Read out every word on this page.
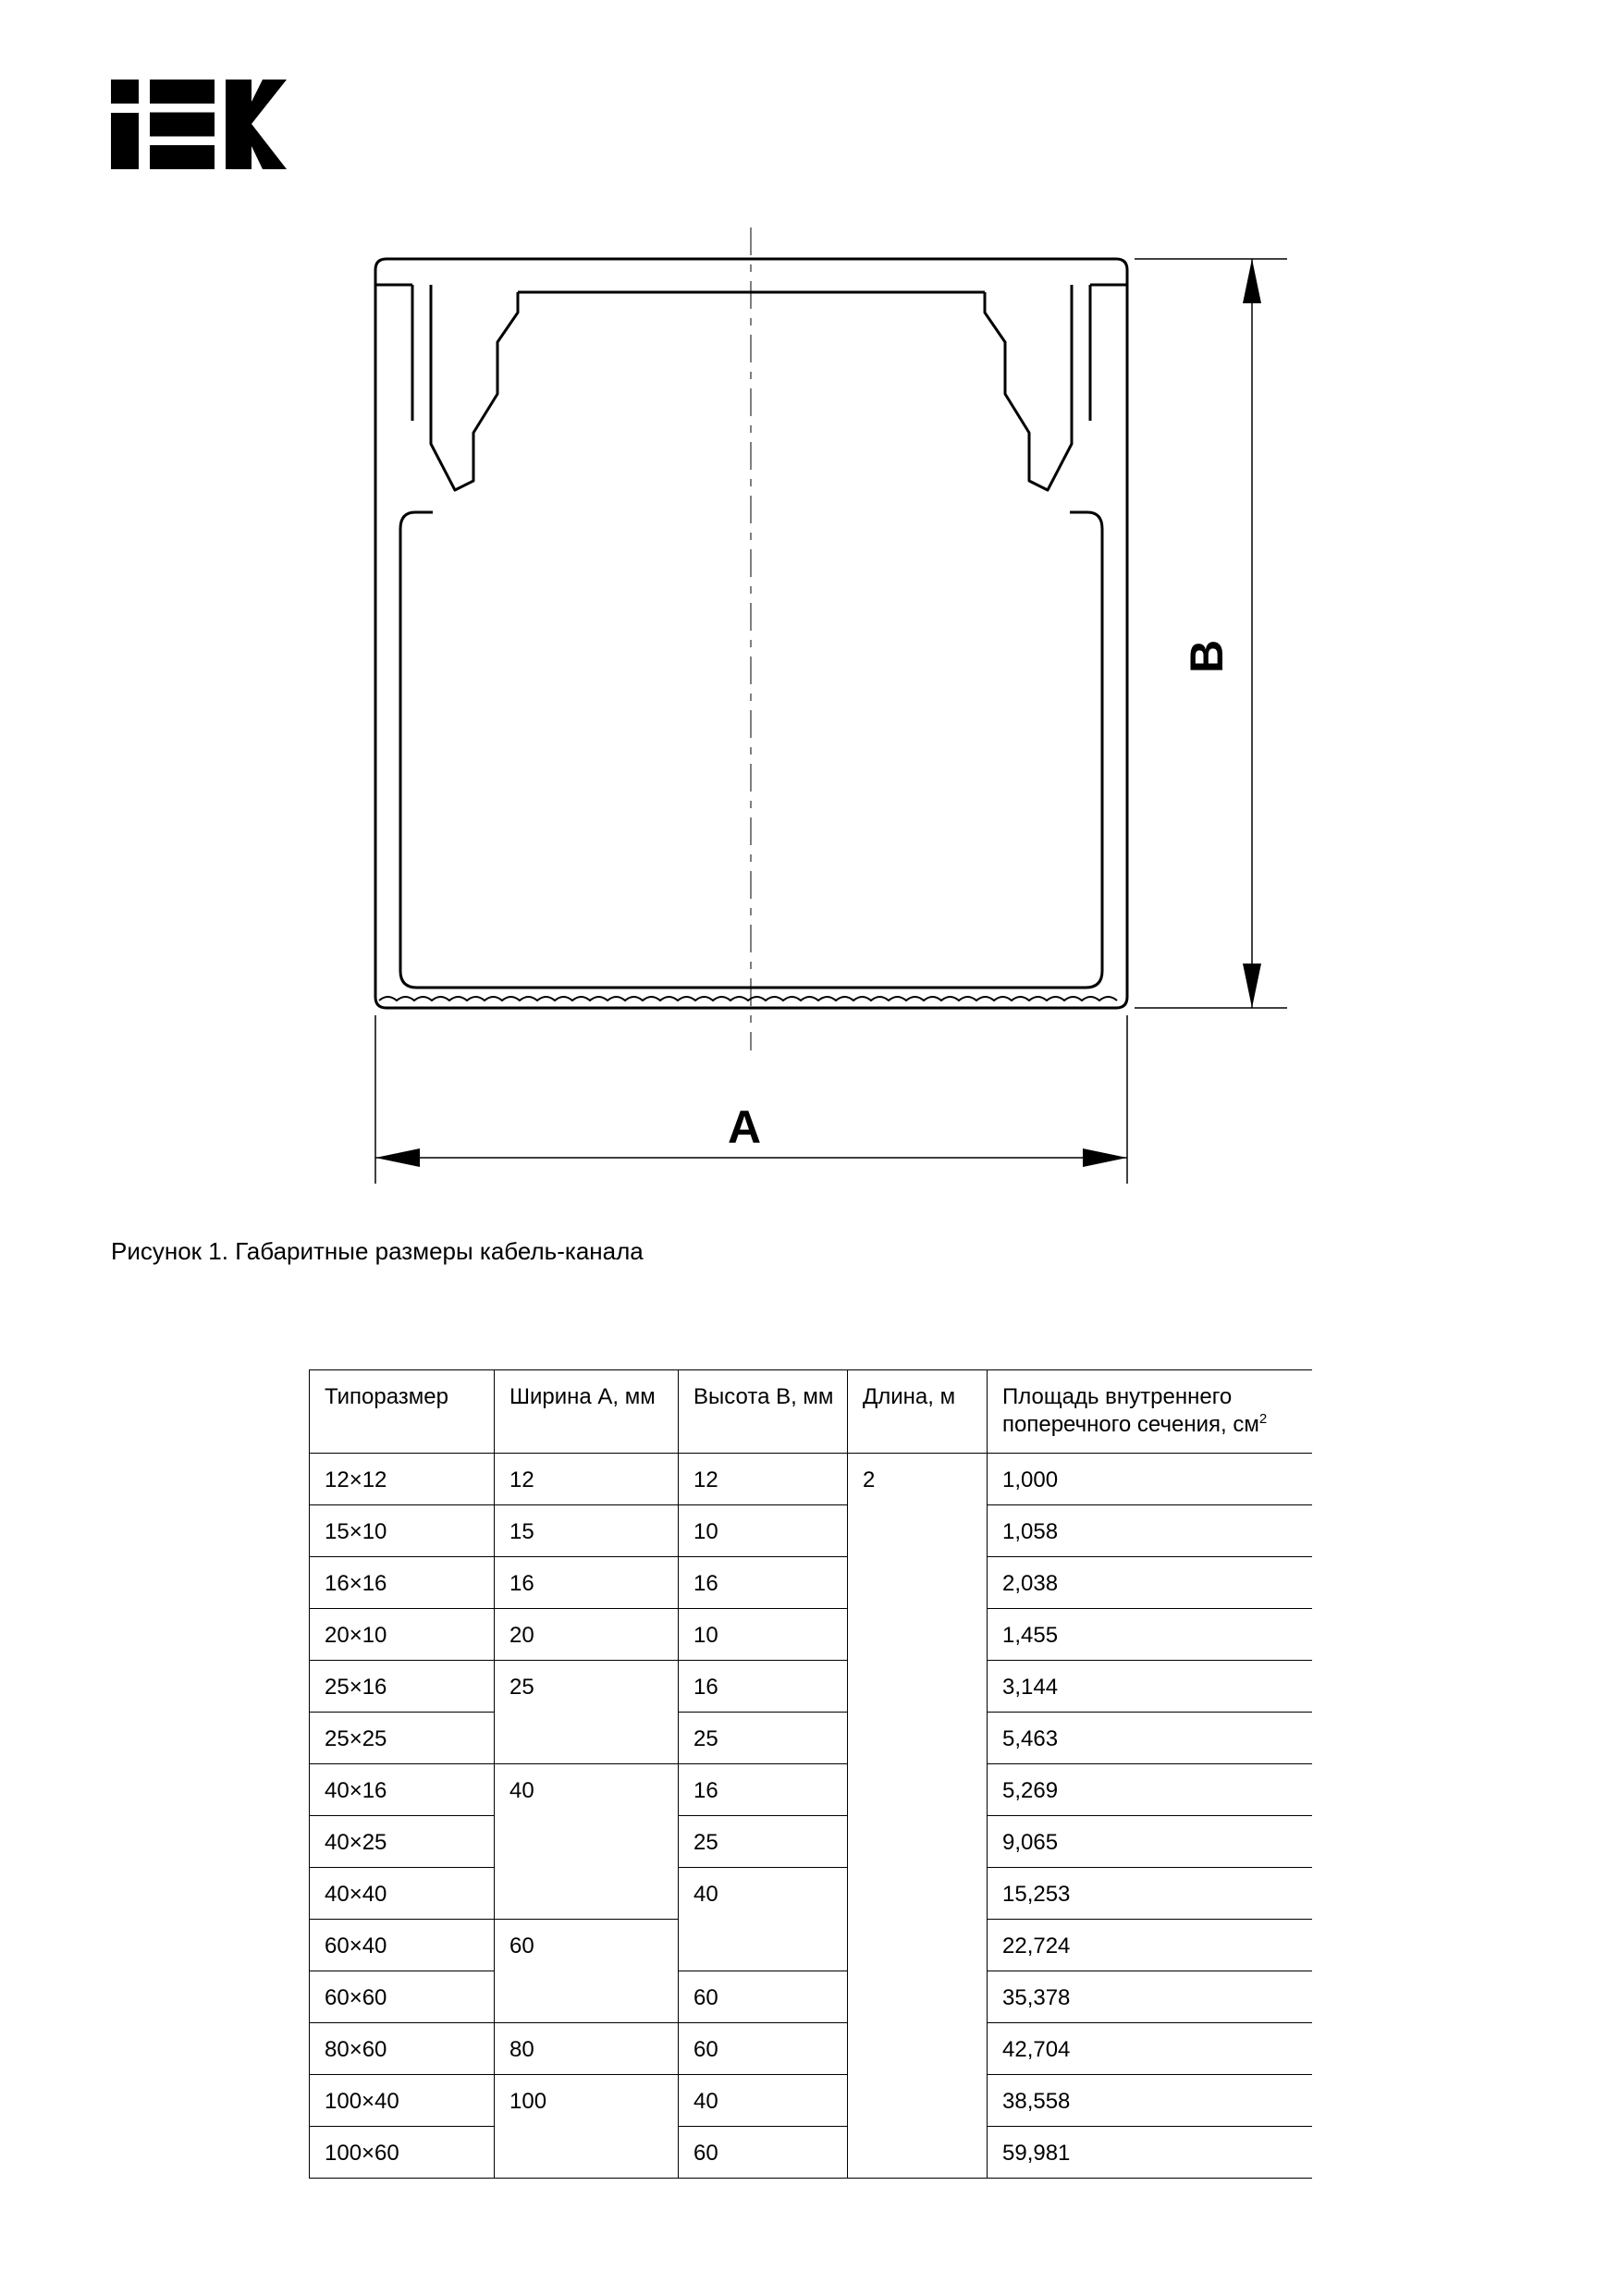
B
A
Рисунок 1. Габаритные размеры кабель-канала
Типоразмер	Ширина А, мм	Высота В, мм	Длина, м	Площадь внутреннего поперечного сечения, $см^2$
12×12	12	12	2	1,000
15×10	15	10		1,058
16×16	16	16		2,038
20×10	20	10		1,455
25×16	25	16		3,144
25×25		25		5,463
40×16	40	16		5,269
40×25		25		9,065
40×40		40		15,253
60×40	60			22,724
60×60		60		35,378
80×60	80	60		42,704
100×40	100	40		38,558
100×60		60		59,981
